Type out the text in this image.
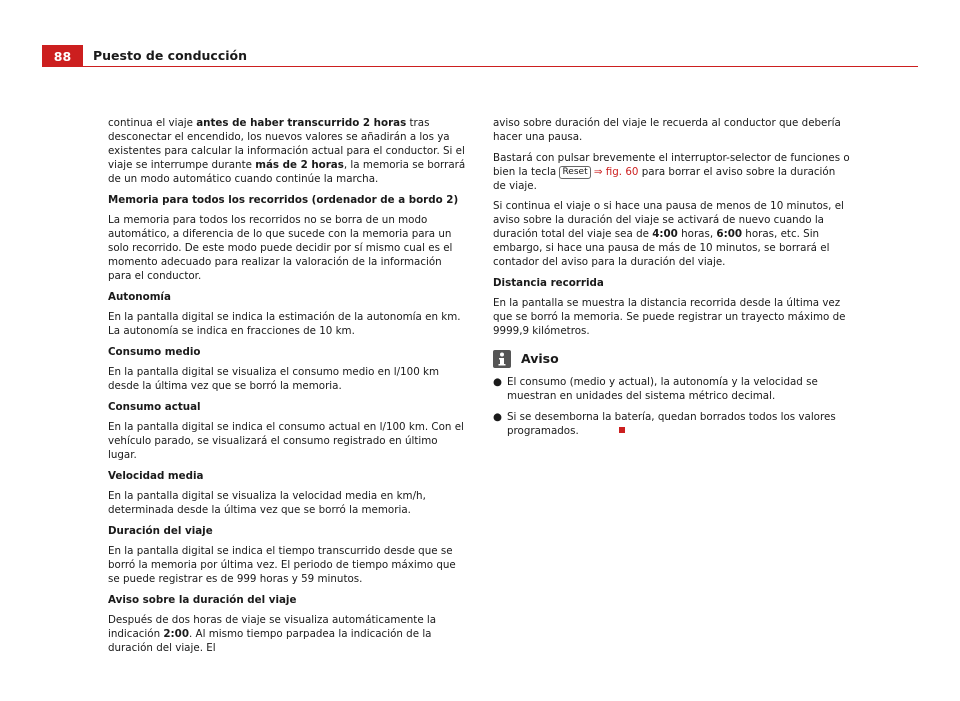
88	Puesto de conducción

continua el viaje antes de haber transcurrido 2 horas tras desconectar el encendido, los nuevos valores se añadirán a los ya existentes para calcular la información actual para el conductor. Si el viaje se interrumpe durante más de 2 horas, la memoria se borrará de un modo automático cuando continúe la marcha.

Memoria para todos los recorridos (ordenador de a bordo 2)

La memoria para todos los recorridos no se borra de un modo automático, a diferencia de lo que sucede con la memoria para un solo recorrido. De este modo puede decidir por sí mismo cual es el momento adecuado para realizar la valoración de la información para el conductor.

Autonomía

En la pantalla digital se indica la estimación de la autonomía en km. La autonomía se indica en fracciones de 10 km.

Consumo medio

En la pantalla digital se visualiza el consumo medio en l/100 km desde la última vez que se borró la memoria.

Consumo actual

En la pantalla digital se indica el consumo actual en l/100 km. Con el vehículo parado, se visualizará el consumo registrado en último lugar.

Velocidad media

En la pantalla digital se visualiza la velocidad media en km/h, determinada desde la última vez que se borró la memoria.

Duración del viaje

En la pantalla digital se indica el tiempo transcurrido desde que se borró la memoria por última vez. El periodo de tiempo máximo que se puede registrar es de 999 horas y 59 minutos.

Aviso sobre la duración del viaje

Después de dos horas de viaje se visualiza automáticamente la indicación 2:00. Al mismo tiempo parpadea la indicación de la duración del viaje. El

aviso sobre duración del viaje le recuerda al conductor que debería hacer una pausa.

Bastará con pulsar brevemente el interruptor-selector de funciones o bien la tecla Reset ⇒ fig. 60 para borrar el aviso sobre la duración de viaje.

Si continua el viaje o si hace una pausa de menos de 10 minutos, el aviso sobre la duración del viaje se activará de nuevo cuando la duración total del viaje sea de 4:00 horas, 6:00 horas, etc. Sin embargo, si hace una pausa de más de 10 minutos, se borrará el contador del aviso para la duración del viaje.

Distancia recorrida

En la pantalla se muestra la distancia recorrida desde la última vez que se borró la memoria. Se puede registrar un trayecto máximo de 9999,9 kilómetros.

Aviso
● El consumo (medio y actual), la autonomía y la velocidad se muestran en unidades del sistema métrico decimal.
● Si se desemborna la batería, quedan borrados todos los valores programados.
